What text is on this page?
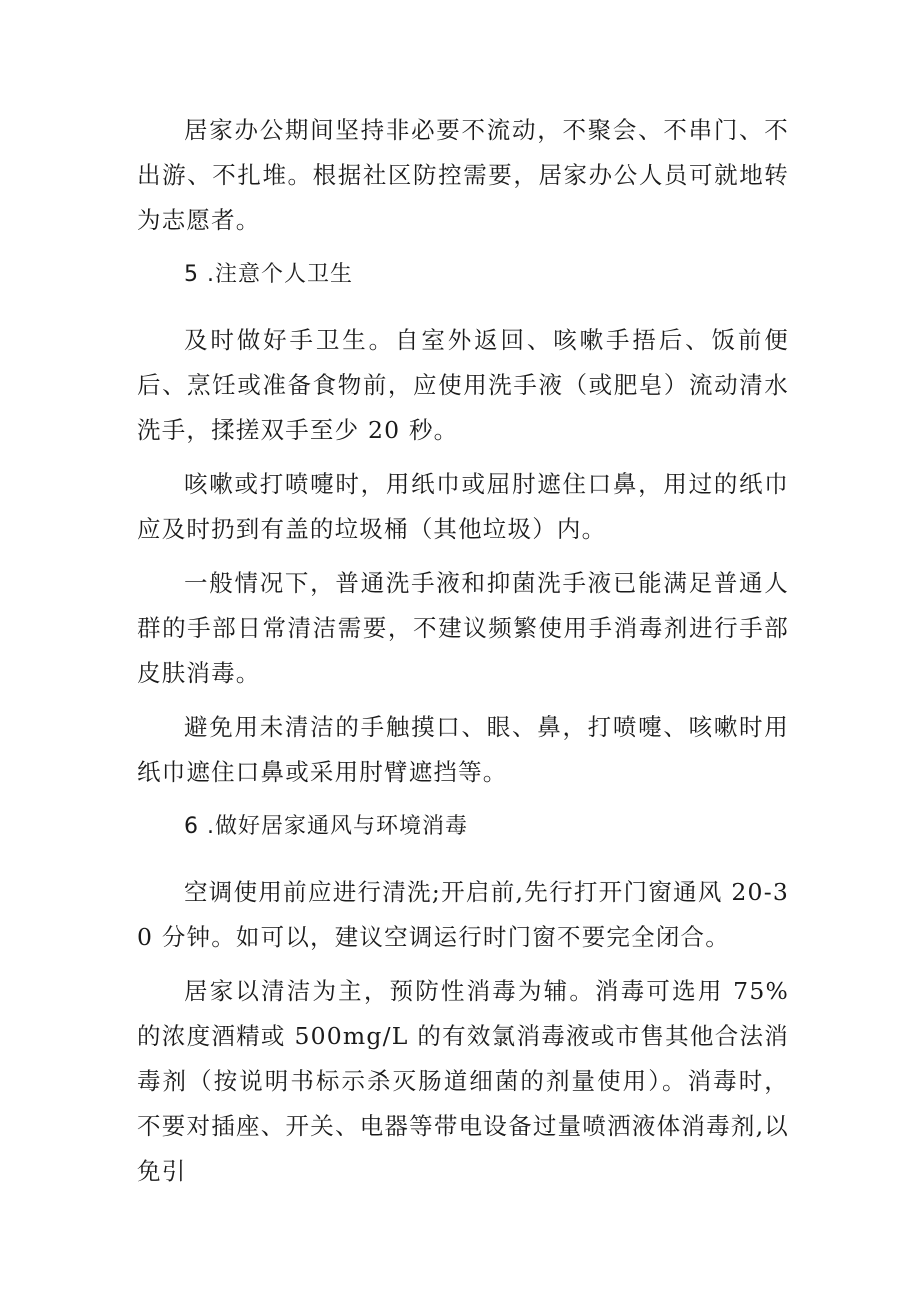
居家办公期间坚持非必要不流动，不聚会、不串门、不出游、不扎堆。根据社区防控需要，居家办公人员可就地转为志愿者。

5 .注意个人卫生

及时做好手卫生。自室外返回、咳嗽手捂后、饭前便后、烹饪或准备食物前，应使用洗手液（或肥皂）流动清水洗手，揉搓双手至少 20 秒。

咳嗽或打喷嚏时，用纸巾或屈肘遮住口鼻，用过的纸巾应及时扔到有盖的垃圾桶（其他垃圾）内。

一般情况下，普通洗手液和抑菌洗手液已能满足普通人群的手部日常清洁需要，不建议频繁使用手消毒剂进行手部皮肤消毒。

避免用未清洁的手触摸口、眼、鼻，打喷嚏、咳嗽时用纸巾遮住口鼻或采用肘臂遮挡等。

6 .做好居家通风与环境消毒

空调使用前应进行清洗;开启前,先行打开门窗通风 20-30 分钟。如可以，建议空调运行时门窗不要完全闭合。

居家以清洁为主，预防性消毒为辅。消毒可选用 75%的浓度酒精或 500mg/L 的有效氯消毒液或市售其他合法消毒剂（按说明书标示杀灭肠道细菌的剂量使用）。消毒时，不要对插座、开关、电器等带电设备过量喷洒液体消毒剂,以免引
